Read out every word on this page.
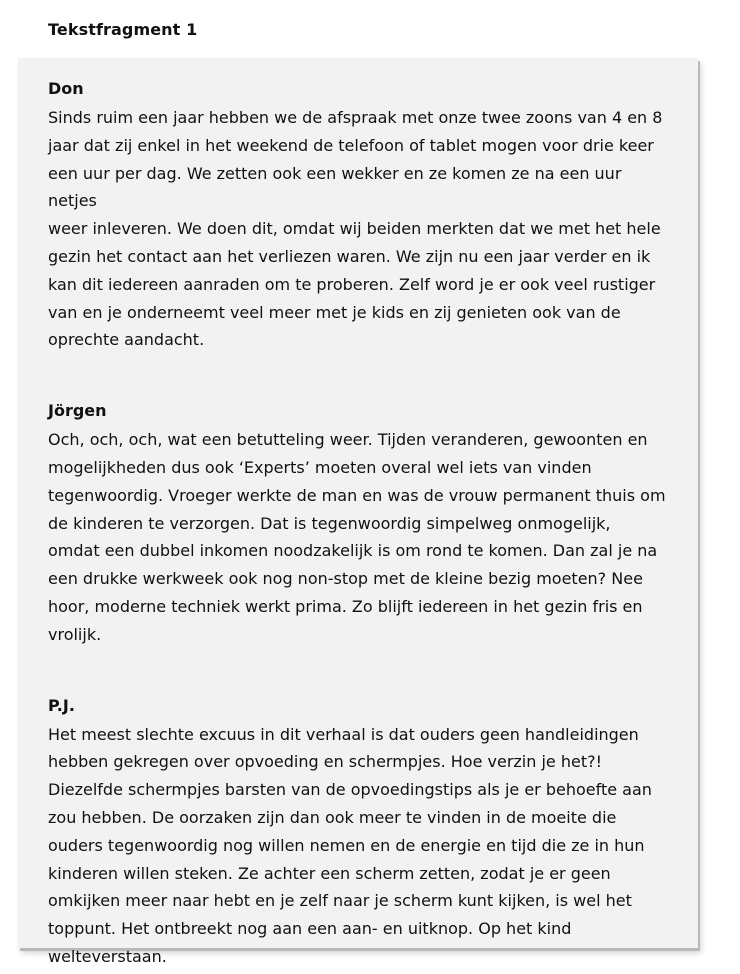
Tekstfragment 1
Don

Sinds ruim een jaar hebben we de afspraak met onze twee zoons van 4 en 8
jaar dat zij enkel in het weekend de telefoon of tablet mogen voor drie keer
een uur per dag. We zetten ook een wekker en ze komen ze na een uur netjes
weer inleveren. We doen dit, omdat wij beiden merkten dat we met het hele
gezin het contact aan het verliezen waren. We zijn nu een jaar verder en ik
kan dit iedereen aanraden om te proberen. Zelf word je er ook veel rustiger
van en je onderneemt veel meer met je kids en zij genieten ook van de
oprechte aandacht.

Jörgen

Och, och, och, wat een betutteling weer. Tijden veranderen, gewoonten en
mogelijkheden dus ook ‘Experts’ moeten overal wel iets van vinden
tegenwoordig. Vroeger werkte de man en was de vrouw permanent thuis om
de kinderen te verzorgen. Dat is tegenwoordig simpelweg onmogelijk,
omdat een dubbel inkomen noodzakelijk is om rond te komen. Dan zal je na
een drukke werkweek ook nog non-stop met de kleine bezig moeten? Nee
hoor, moderne techniek werkt prima. Zo blijft iedereen in het gezin fris en
vrolijk.

P.J.

Het meest slechte excuus in dit verhaal is dat ouders geen handleidingen
hebben gekregen over opvoeding en schermpjes. Hoe verzin je het?!
Diezelfde schermpjes barsten van de opvoedingstips als je er behoefte aan
zou hebben. De oorzaken zijn dan ook meer te vinden in de moeite die
ouders tegenwoordig nog willen nemen en de energie en tijd die ze in hun
kinderen willen steken. Ze achter een scherm zetten, zodat je er geen
omkijken meer naar hebt en je zelf naar je scherm kunt kijken, is wel het
toppunt. Het ontbreekt nog aan een aan- en uitknop. Op het kind
welteverstaan.
